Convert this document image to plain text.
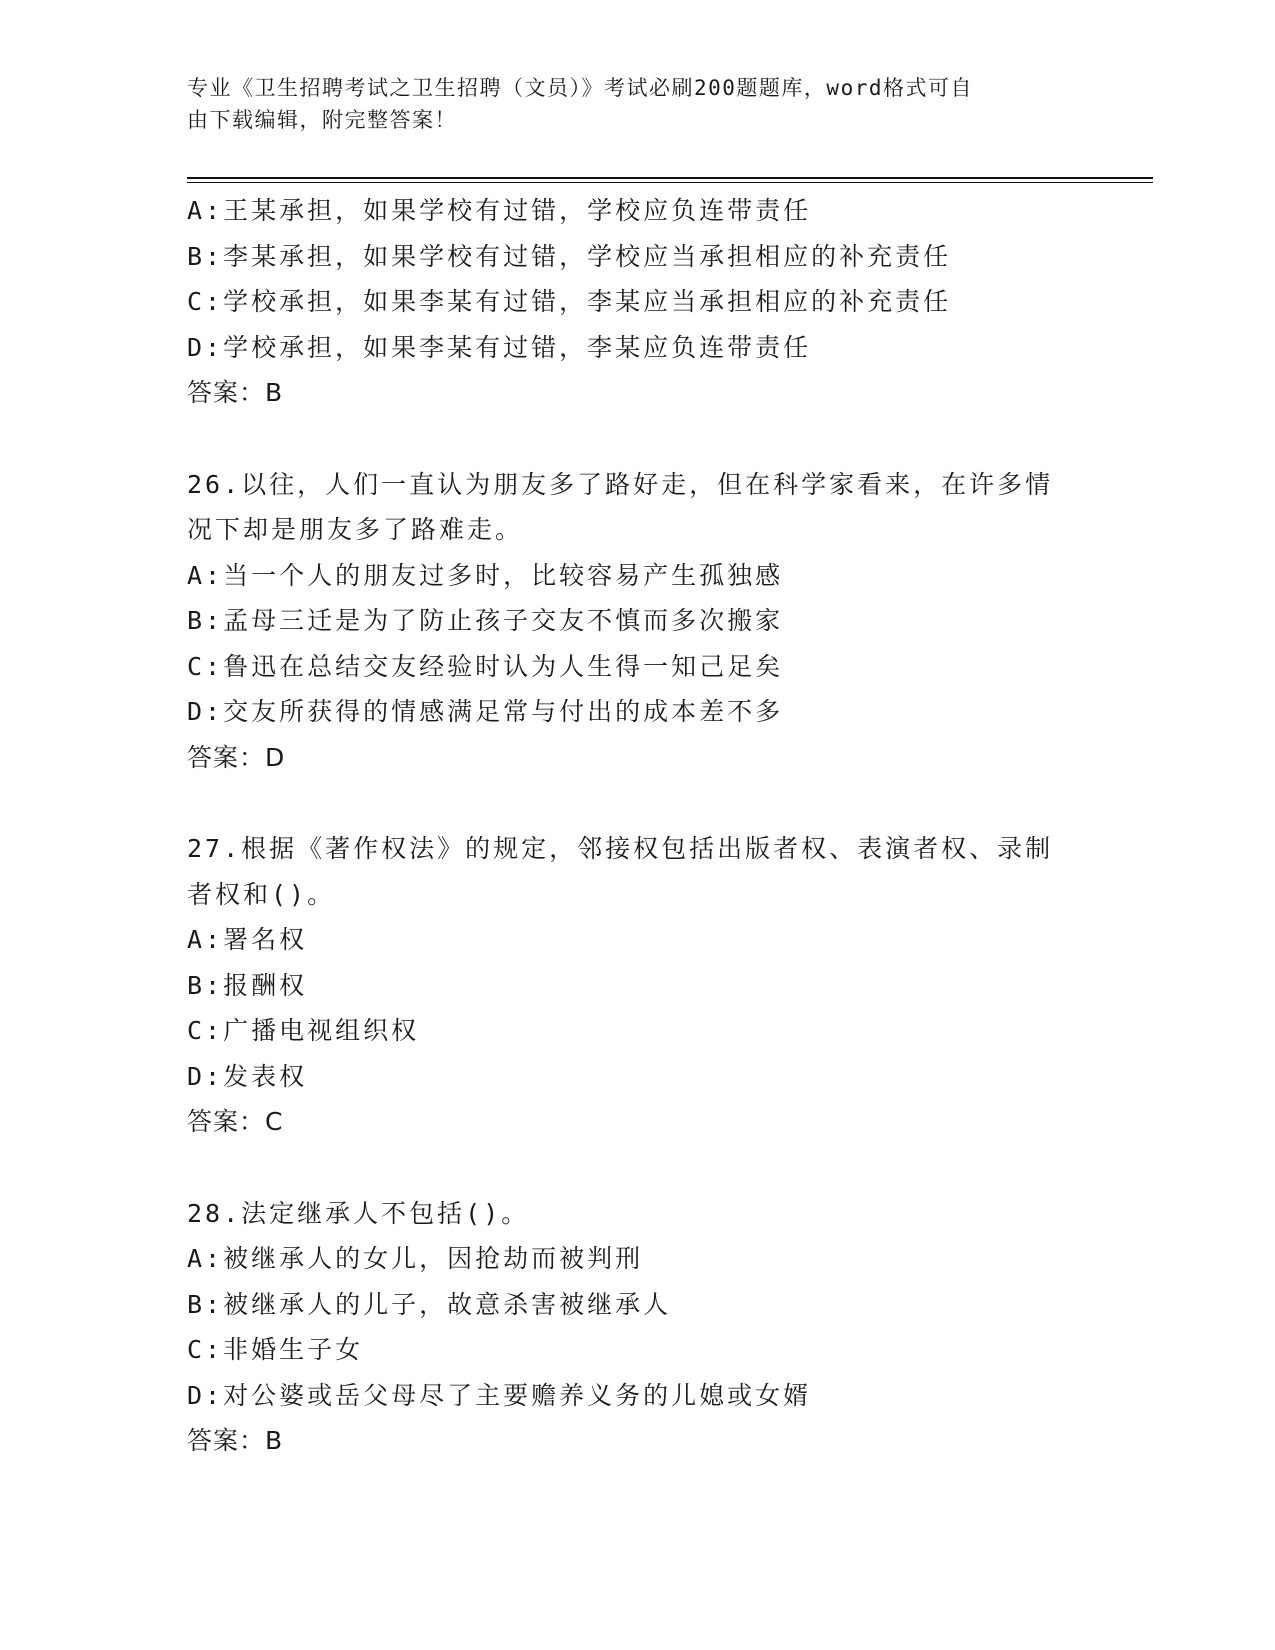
专业《卫生招聘考试之卫生招聘（文员）》考试必刷200题题库，word格式可自
由下载编辑，附完整答案！
A:王某承担，如果学校有过错，学校应负连带责任
B:李某承担，如果学校有过错，学校应当承担相应的补充责任
C:学校承担，如果李某有过错，李某应当承担相应的补充责任
D:学校承担，如果李某有过错，李某应负连带责任
答案：B
26.以往，人们一直认为朋友多了路好走，但在科学家看来，在许多情
况下却是朋友多了路难走。
A:当一个人的朋友过多时，比较容易产生孤独感
B:孟母三迁是为了防止孩子交友不慎而多次搬家
C:鲁迅在总结交友经验时认为人生得一知己足矣
D:交友所获得的情感满足常与付出的成本差不多
答案：D
27.根据《著作权法》的规定，邻接权包括出版者权、表演者权、录制
者权和()。
A:署名权
B:报酬权
C:广播电视组织权
D:发表权
答案：C
28.法定继承人不包括()。
A:被继承人的女儿，因抢劫而被判刑
B:被继承人的儿子，故意杀害被继承人
C:非婚生子女
D:对公婆或岳父母尽了主要赡养义务的儿媳或女婿
答案：B
